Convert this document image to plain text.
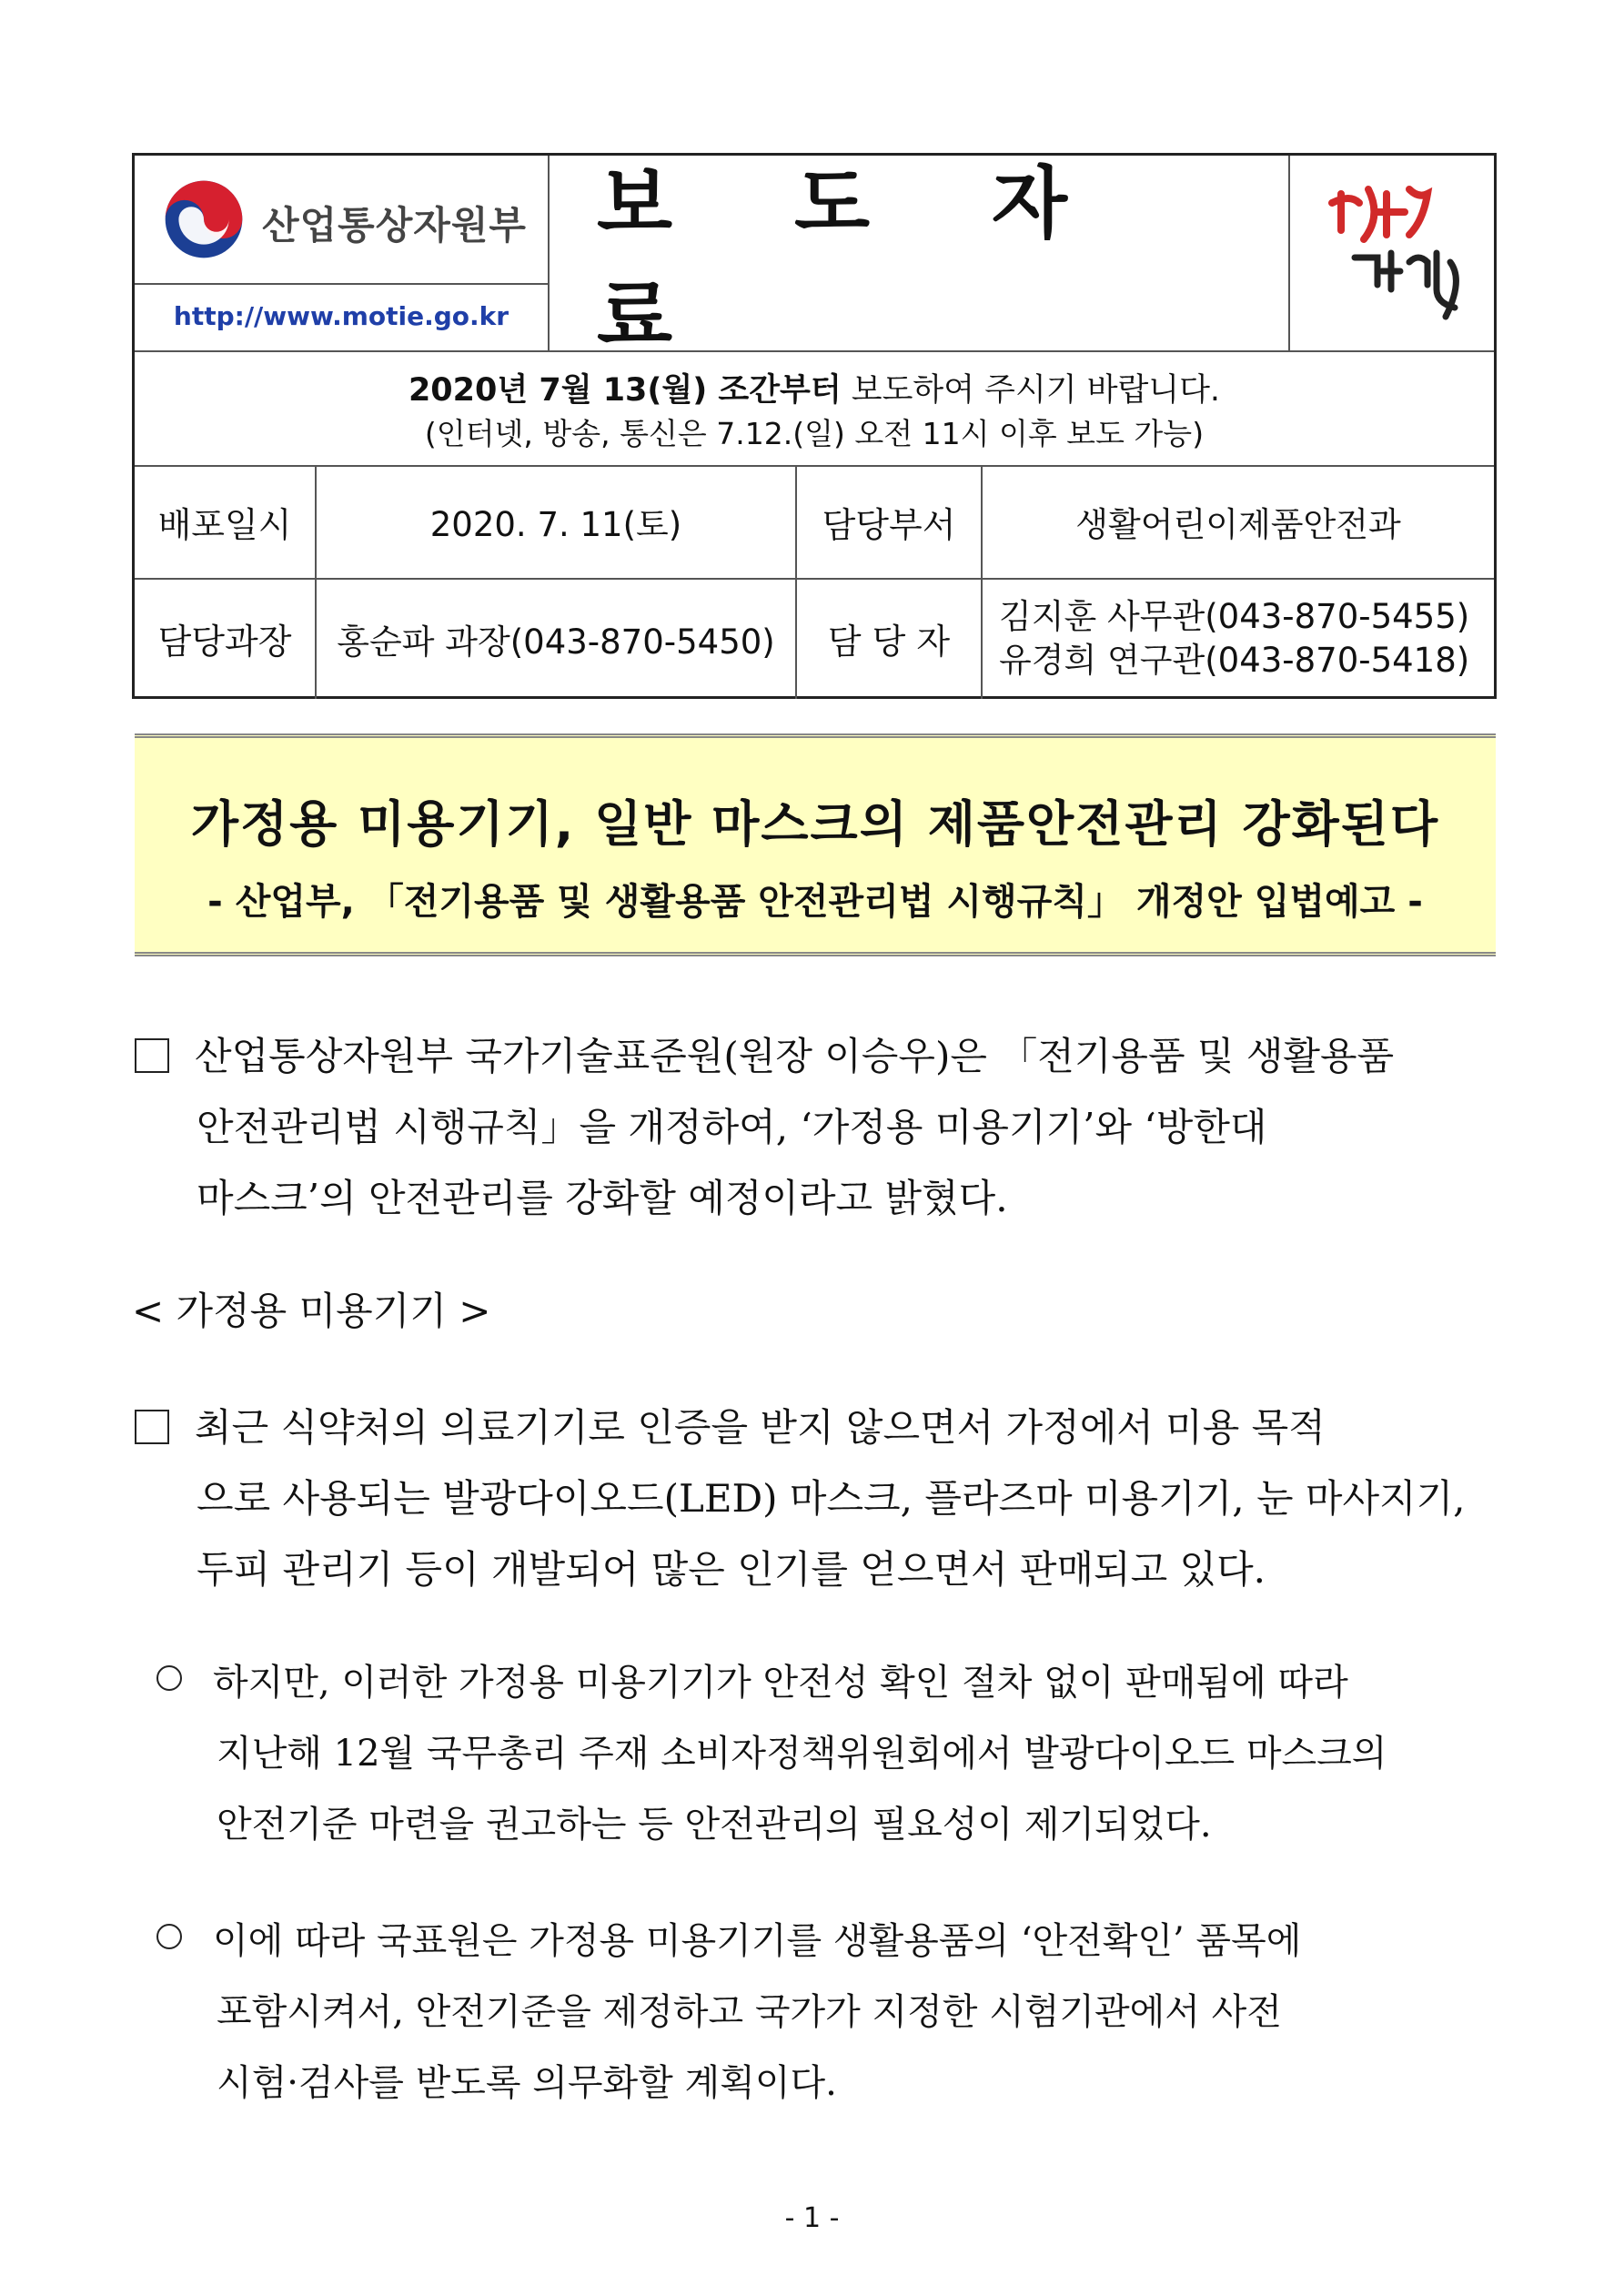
산업통상자원부
http://www.motie.go.kr
보 도 자 료
2020년 7월 13(월) 조간부터 보도하여 주시기 바랍니다.
(인터넷, 방송, 통신은 7.12.(일) 오전 11시 이후 보도 가능)
배포일시	2020. 7. 11(토)	담당부서	생활어린이제품안전과
담당과장	홍순파 과장(043-870-5450)	담 당 자
김지훈 사무관(043-870-5455)
유경희 연구관(043-870-5418)
가정용 미용기기, 일반 마스크의 제품안전관리 강화된다
- 산업부, 「전기용품 및 생활용품 안전관리법 시행규칙」 개정안 입법예고 -
산업통상자원부 국가기술표준원(원장 이승우)은 「전기용품 및 생활용품
안전관리법 시행규칙」을 개정하여, ‘가정용 미용기기’와 ‘방한대
마스크’의 안전관리를 강화할 예정이라고 밝혔다.
< 가정용 미용기기 >
최근 식약처의 의료기기로 인증을 받지 않으면서 가정에서 미용 목적
으로 사용되는 발광다이오드(LED) 마스크, 플라즈마 미용기기, 눈 마사지기,
두피 관리기 등이 개발되어 많은 인기를 얻으면서 판매되고 있다.
하지만, 이러한 가정용 미용기기가 안전성 확인 절차 없이 판매됨에 따라
지난해 12월 국무총리 주재 소비자정책위원회에서 발광다이오드 마스크의
안전기준 마련을 권고하는 등 안전관리의 필요성이 제기되었다.
이에 따라 국표원은 가정용 미용기기를 생활용품의 ‘안전확인’ 품목에
포함시켜서, 안전기준을 제정하고 국가가 지정한 시험기관에서 사전
시험·검사를 받도록 의무화할 계획이다.
- 1 -
